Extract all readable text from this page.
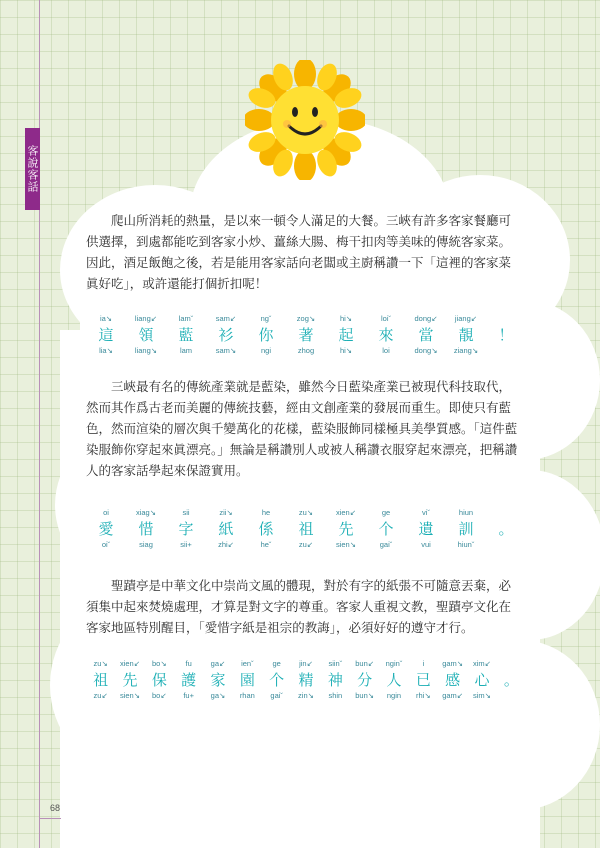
客說客話

爬山所消耗的熱量，是以來一頓令人滿足的大餐。三峽有許多客家餐廳可供選擇，到處都能吃到客家小炒、薑絲大腸、梅干扣肉等美味的傳統客家菜。因此，酒足飯飽之後，若是能用客家話向老闆或主廚稱讚一下「這裡的客家菜眞好吃」，或許還能打個折扣呢！

ia↘
這
lia↘
liang↙
領
liang↘
lam˘
藍
lam
sam↙
衫
sam↘
ng˘
你
ngi
zog↘
著
zhog
hi↘
起
hi↘
loi˘
來
loi
dong↙
當
dong↘
jiang↙
靚
ziang↘

！

三峽最有名的傳統產業就是藍染，雖然今日藍染產業已被現代科技取代，然而其作爲古老而美麗的傳統技藝，經由文創產業的發展而重生。即使只有藍色，然而渲染的層次與千變萬化的花樣，藍染服飾同樣極具美學質感。「這件藍染服飾你穿起來眞漂亮。」無論是稱讚別人或被人稱讚衣服穿起來漂亮，把稱讚人的客家話學起來保證實用。

oi
愛
oi˘
xiag↘
惜
siag
sii
字
sii+
zii↘
紙
zhi↙
he
係
he˘
zu↘
祖
zu↙
xien↙
先
sien↘
ge
个
gai˘
vi˘
遺
vui
hiun
訓
hiun˘

。

聖蹟亭是中華文化中崇尚文風的體現，對於有字的紙張不可隨意丟棄，必須集中起來焚燒處理，才算是對文字的尊重。客家人重視文教，聖蹟亭文化在客家地區特別醒目，「愛惜字紙是祖宗的教誨」，必須好好的遵守才行。

zu↘
祖
zu↙
xien↙
先
sien↘
bo↘
保
bo↙
fu
護
fu+
ga↙
家
ga↘
ien˘
園
rhan
ge
个
gai˘
jin↙
精
zin↘
siin˘
神
shin
bun↙
分
bun↘
ngin˘
人
ngin
i
已
rhi↘
gam↘
感
gam↙
xim↙
心
sim↘

。

68
